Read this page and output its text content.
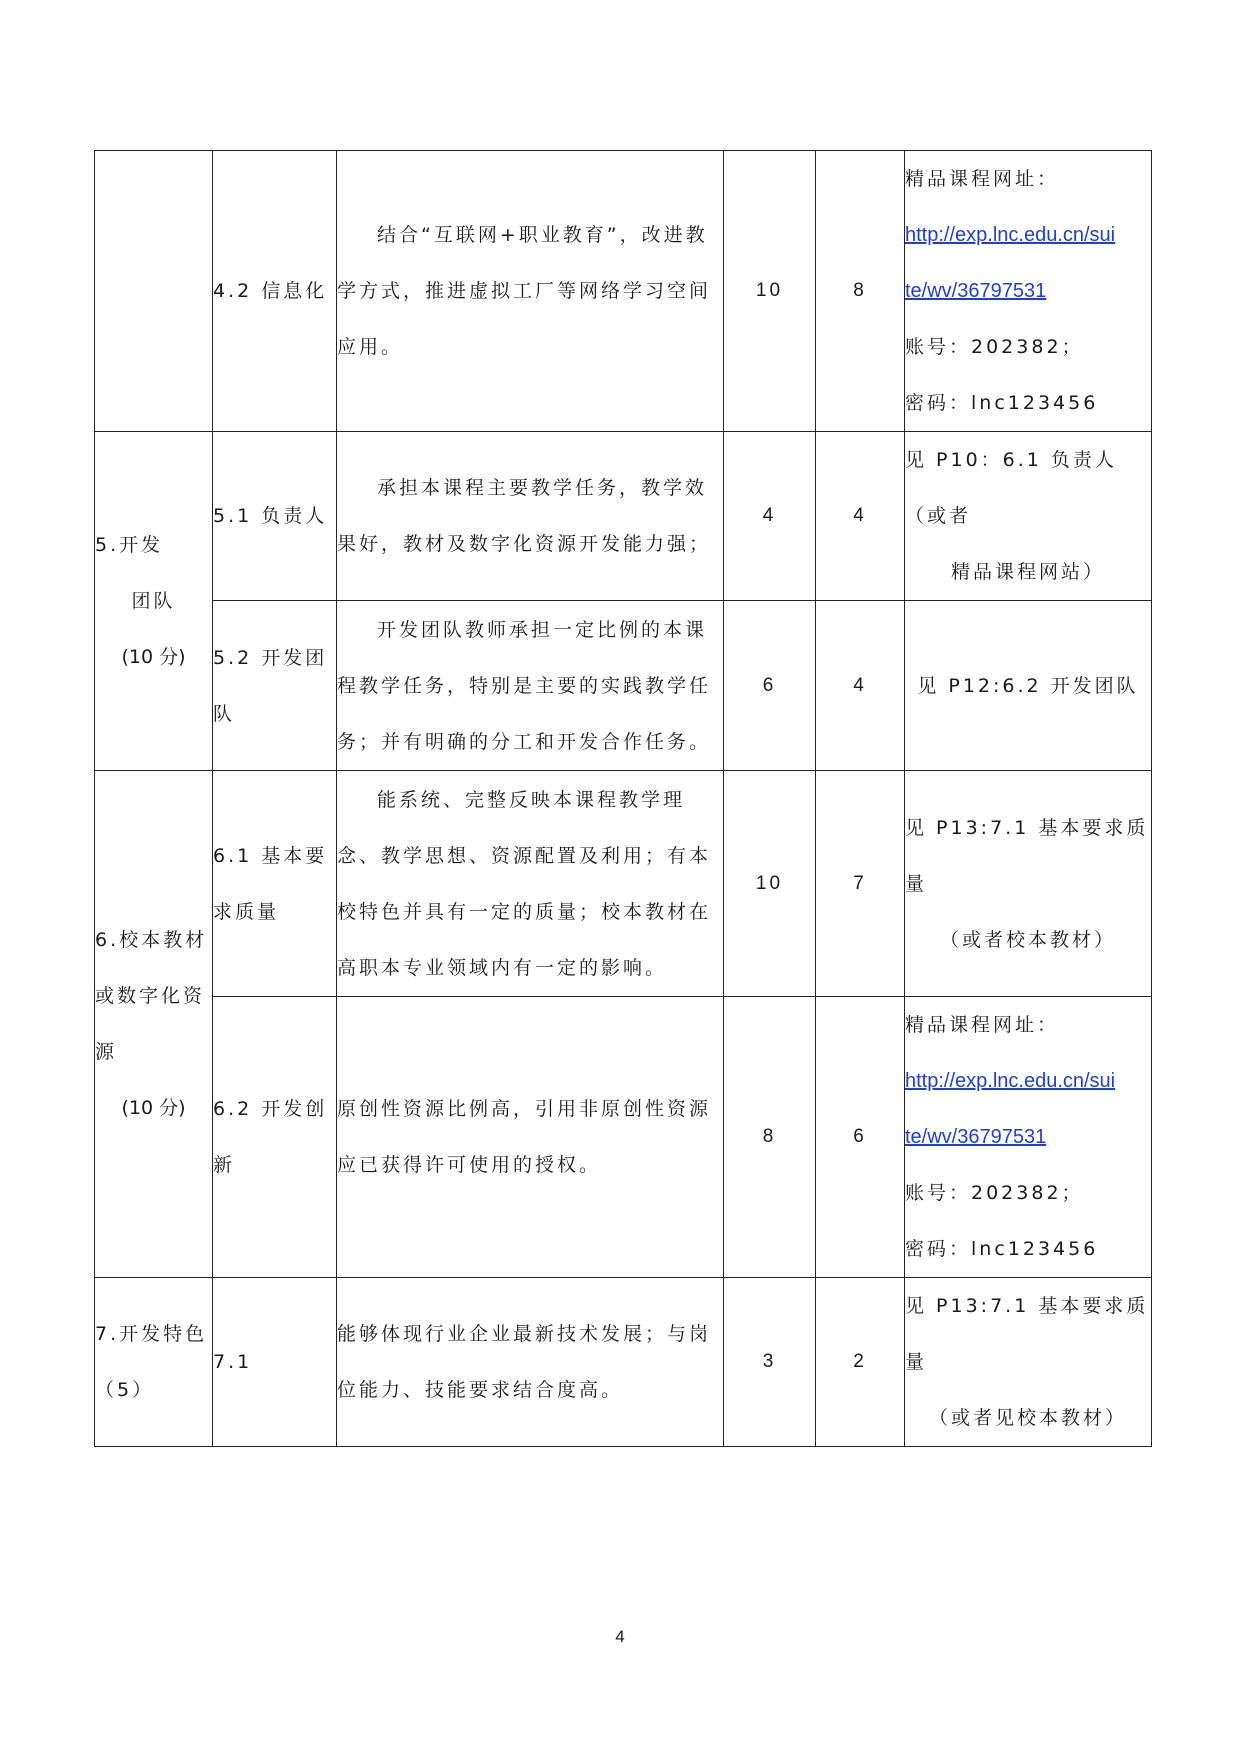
	4.2 信息化	结合“互联网+职业教育”，改进教学方式，推进虚拟工厂等网络学习空间应用。	10	8	精品课程网址：
http://exp.lnc.edu.cn/sui
te/wv/36797531
账号：202382；
密码：lnc123456

5.开发
团队
(10 分)	5.1 负责人	承担本课程主要教学任务，教学效果好，教材及数字化资源开发能力强；	4	4	见 P10：6.1 负责人（或者
精品课程网站）

	5.2 开发团队	开发团队教师承担一定比例的本课程教学任务，特别是主要的实践教学任务；并有明确的分工和开发合作任务。	6	4	见 P12:6.2 开发团队

6.校本教材或数字化资源
(10 分)	6.1 基本要求质量	能系统、完整反映本课程教学理念、教学思想、资源配置及利用；有本校特色并具有一定的质量；校本教材在高职本专业领域内有一定的影响。	10	7	见 P13:7.1 基本要求质量
（或者校本教材）

	6.2 开发创新	原创性资源比例高，引用非原创性资源应已获得许可使用的授权。	8	6	精品课程网址：
http://exp.lnc.edu.cn/sui
te/wv/36797531
账号：202382；
密码：lnc123456

7.开发特色
（5）	7.1	能够体现行业企业最新技术发展；与岗位能力、技能要求结合度高。	3	2	见 P13:7.1 基本要求质量
（或者见校本教材）
4
